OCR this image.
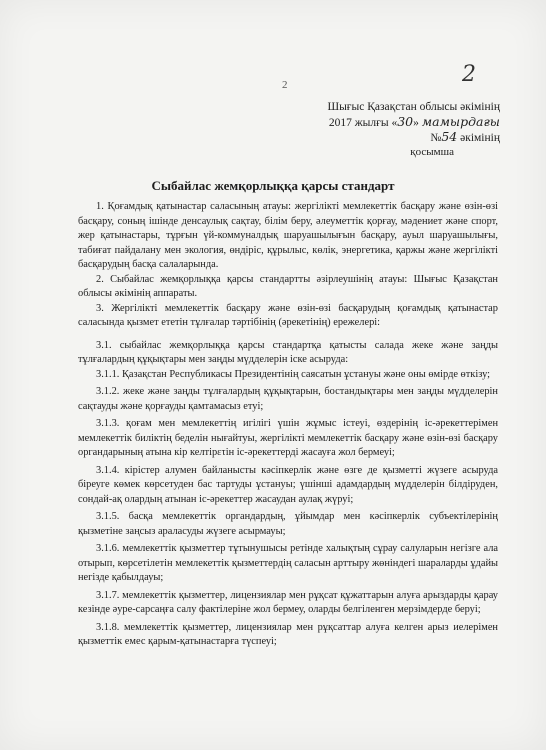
2	2
Шығыс Қазақстан облысы әкімінің
2017 жылғы «30» мамырдағы
№54 әкімінің
қосымша
Сыбайлас жемқорлыққа қарсы стандарт

1. Қоғамдық қатынастар саласының атауы: жергілікті мемлекеттік басқару және өзін-өзі басқару, соның ішінде денсаулық сақтау, білім беру, әлеуметтік қорғау, мәдениет және спорт, жер қатынастары, тұрғын үй-коммуналдық шаруашылығын басқару, ауыл шаруашылығы, табиғат пайдалану мен экология, өндіріс, құрылыс, көлік, энергетика, қаржы және жергілікті басқарудың басқа салаларында.

2. Сыбайлас жемқорлыққа қарсы стандартты әзірлеушінің атауы: Шығыс Қазақстан облысы әкімінің аппараты.

3. Жергілікті мемлекеттік басқару және өзін-өзі басқарудың қоғамдық қатынастар саласында қызмет ететін тұлғалар тәртібінің (әрекетінің) ережелері:

3.1. сыбайлас жемқорлыққа қарсы стандартқа қатысты салада жеке және заңды тұлғалардың құқықтары мен заңды мүдделерін іске асыруда:

3.1.1. Қазақстан Республикасы Президентінің саясатын ұстануы және оны өмірде өткізу;

3.1.2. жеке және заңды тұлғалардың құқықтарын, бостандықтары мен заңды мүдделерін сақтауды және қорғауды қамтамасыз етуі;

3.1.3. қоғам мен мемлекеттің игілігі үшін жұмыс істеуі, өздерінің іс-әрекеттерімен мемлекеттік биліктің беделін нығайтуы, жергілікті мемлекеттік басқару және өзін-өзі басқару органдарының атына кір келтірετін іс-әрекеттерді жасауға жол бермеуі;

3.1.4. кірістер алумен байланысты кәсіпкерлік және өзге де қызметті жүзеге асыруда біреуге көмек көрсетуден бас тартуды ұстануы; үшінші адамдардың мүдделерін білдіруден, сондай-ақ олардың атынан іс-әрекеттер жасаудан аулақ жүруі;

3.1.5. басқа мемлекеттік органдардың, ұйымдар мен кәсіпкерлік субъектілерінің қызметіне заңсыз араласуды жүзеге асырмауы;

3.1.6. мемлекеттік қызметтер тұтынушысы ретінде халықтың сұрау салуларын негізге ала отырып, көрсетілетін мемлекеттік қызметтердің саласын арттыру жөніндегі шараларды ұдайы негізде қабылдауы;

3.1.7. мемлекеттік қызметтер, лицензиялар мен рұқсат құжаттарын алуға арыздарды қарау кезінде әуре-сарсаңға салу фактілеріне жол бермеу, оларды белгіленген мерзімдерде беруі;

3.1.8. мемлекеттік қызметтер, лицензиялар мен рұқсаттар алуға келген арыз иелерімен қызметтік емес қарым-қатынастарға түспеуі;
